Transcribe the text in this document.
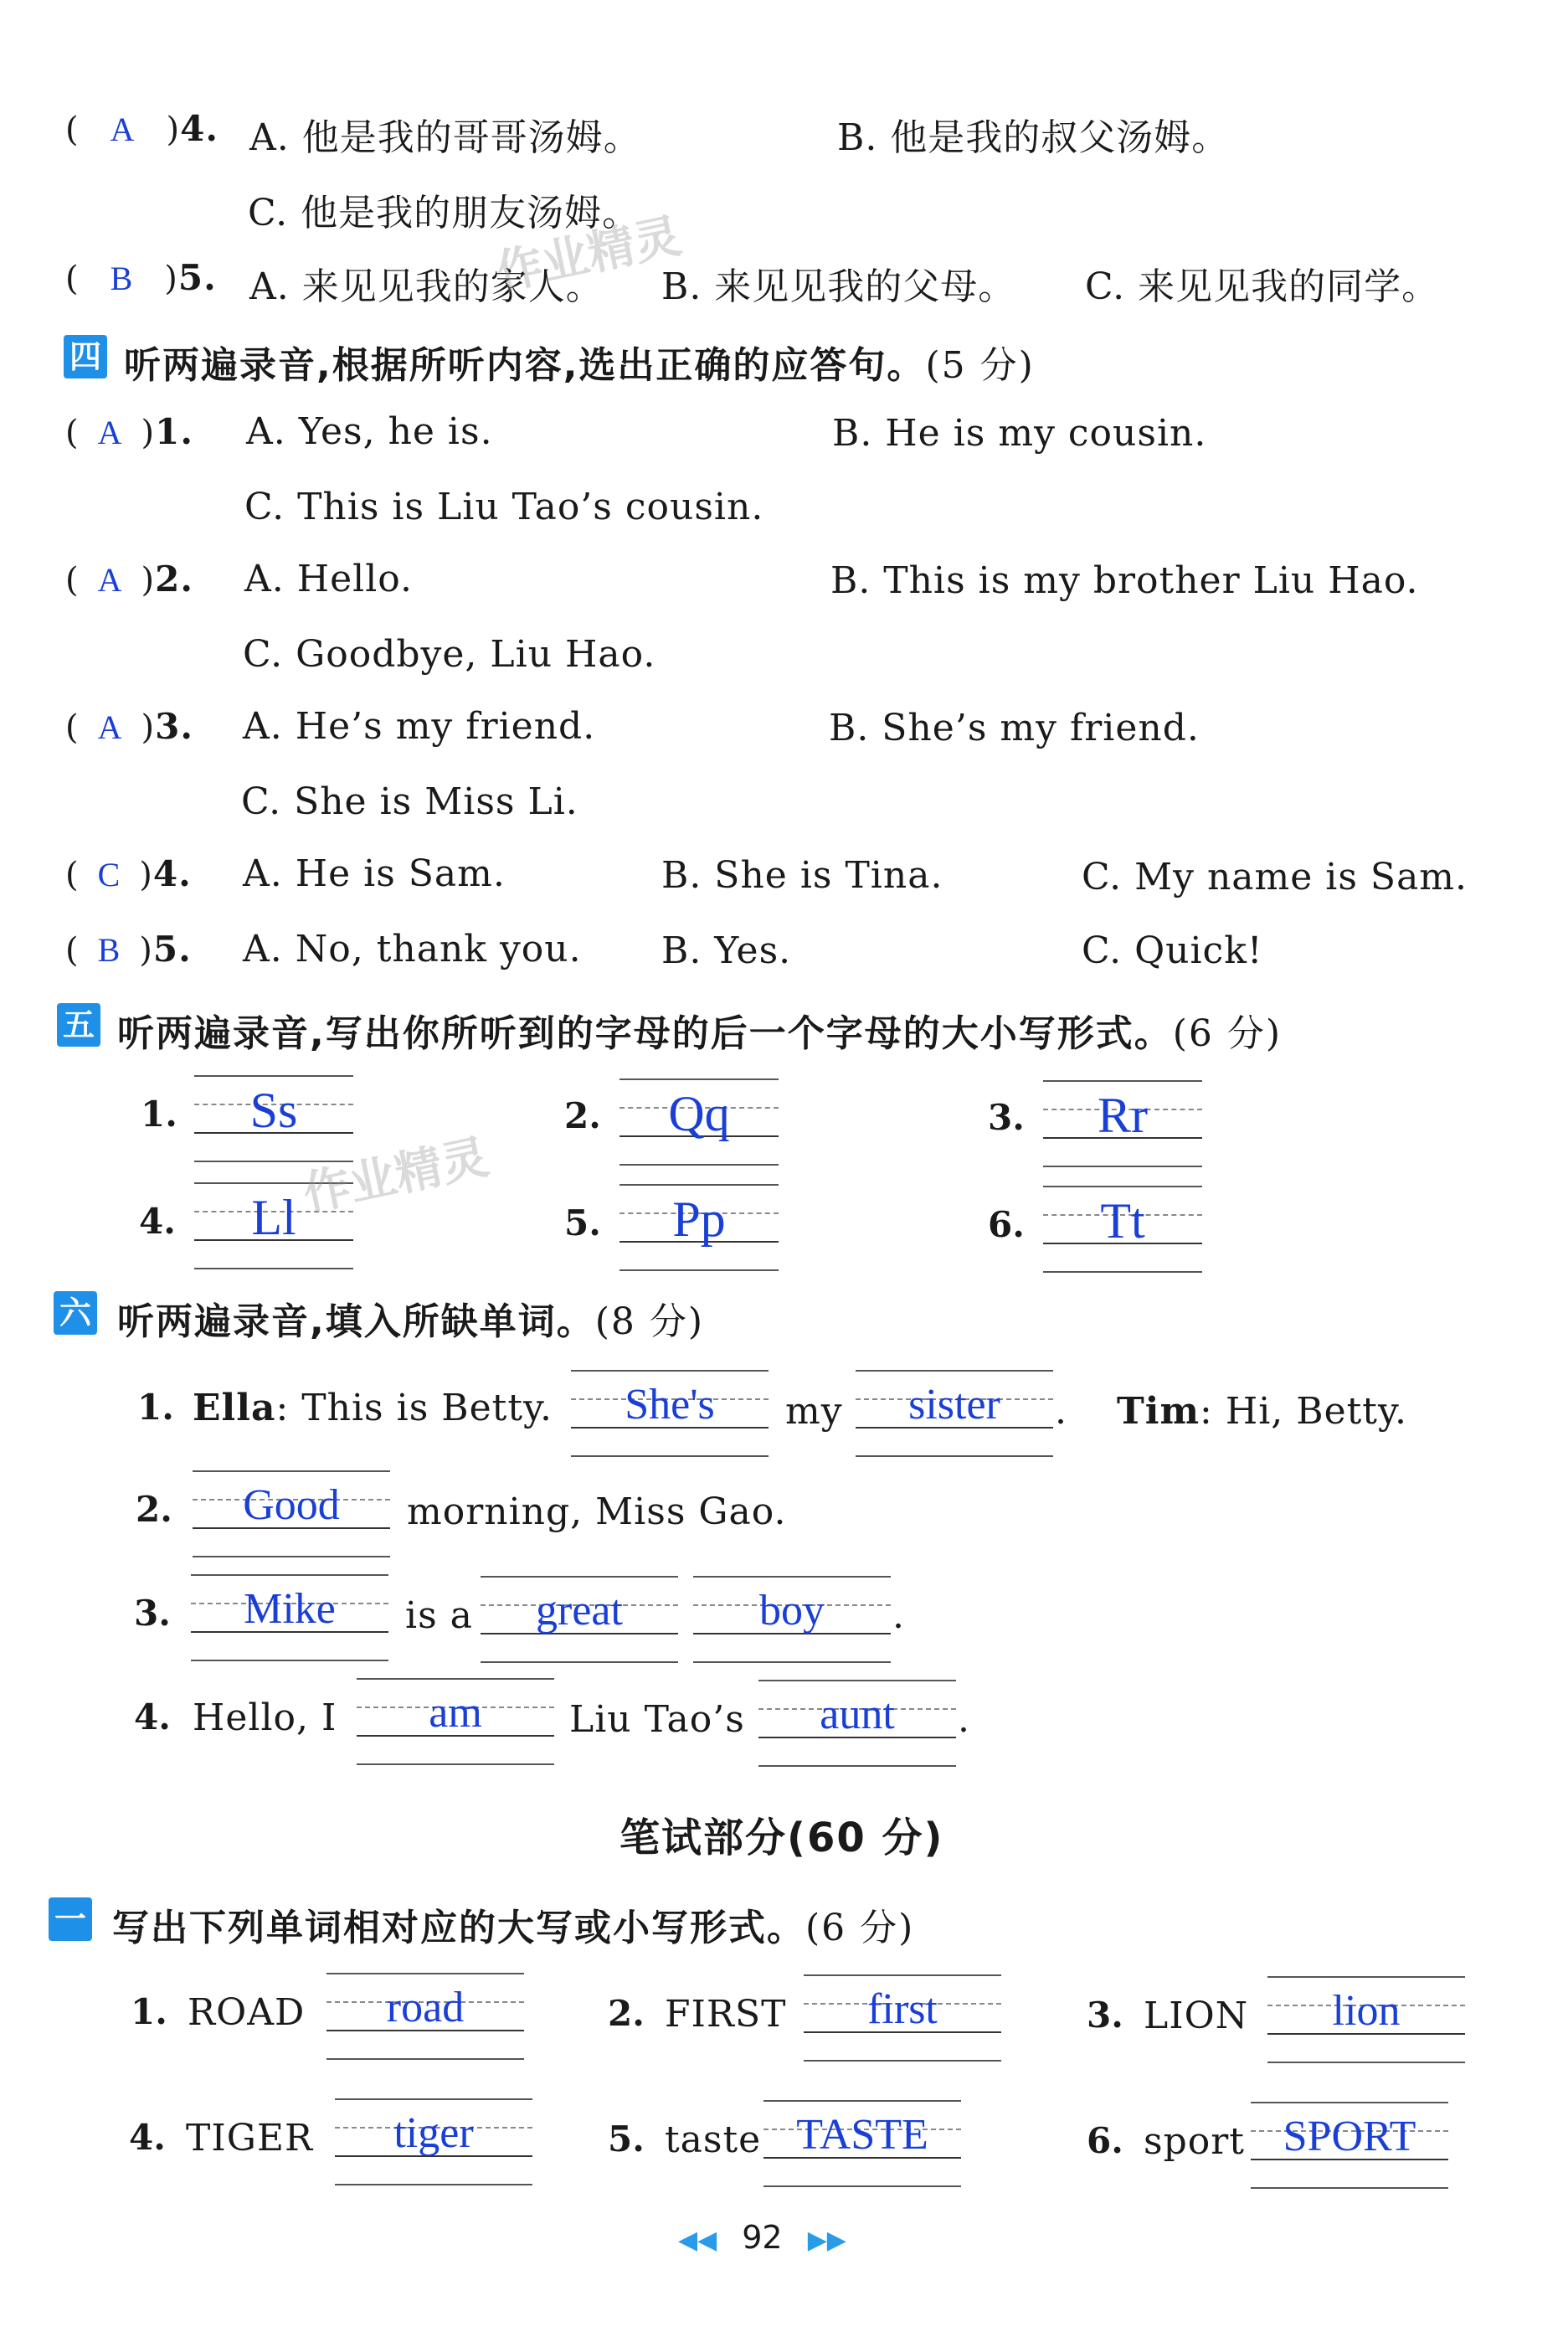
( A )4. A. 他是我的哥哥汤姆。	B. 他是我的叔父汤姆。
C. 他是我的朋友汤姆。
( B )5. A. 来见见我的家人。 B. 来见见我的父母。 C. 来见见我的同学。
作业精灵
四 听两遍录音,根据所听内容,选出正确的应答句。(5 分)
( A )1. A. Yes, he is.	B. He is my cousin.
C. This is Liu Tao’s cousin.
( A )2. A. Hello.	B. This is my brother Liu Hao.
C. Goodbye, Liu Hao.
( A )3. A. He’s my friend.	B. She’s my friend.
C. She is Miss Li.
( C )4. A. He is Sam.	B. She is Tina.	C. My name is Sam.
( B )5. A. No, thank you. B. Yes.	C. Quick!
五 听两遍录音,写出你所听到的字母的后一个字母的大小写形式。(6 分)
1.	Ss	2.	Qq	3.	Rr
4.	Ll	5.	Pp	6.	Tt
作业精灵
六 听两遍录音,填入所缺单词。(8 分)
1. Ella: This is Betty.	She's	my	sister	. Tim: Hi, Betty.
2.	Good	morning, Miss Gao.
3.	Mike	is a	great	boy	.
4. Hello, I	am	Liu Tao’s	aunt	.
笔试部分(60 分)
一 写出下列单词相对应的大写或小写形式。(6 分)
1. ROAD	road	2. FIRST	first	3. LION	lion
4. TIGER	tiger	5. taste TASTE	6. sport SPORT
◀◀ 92 ▶▶
